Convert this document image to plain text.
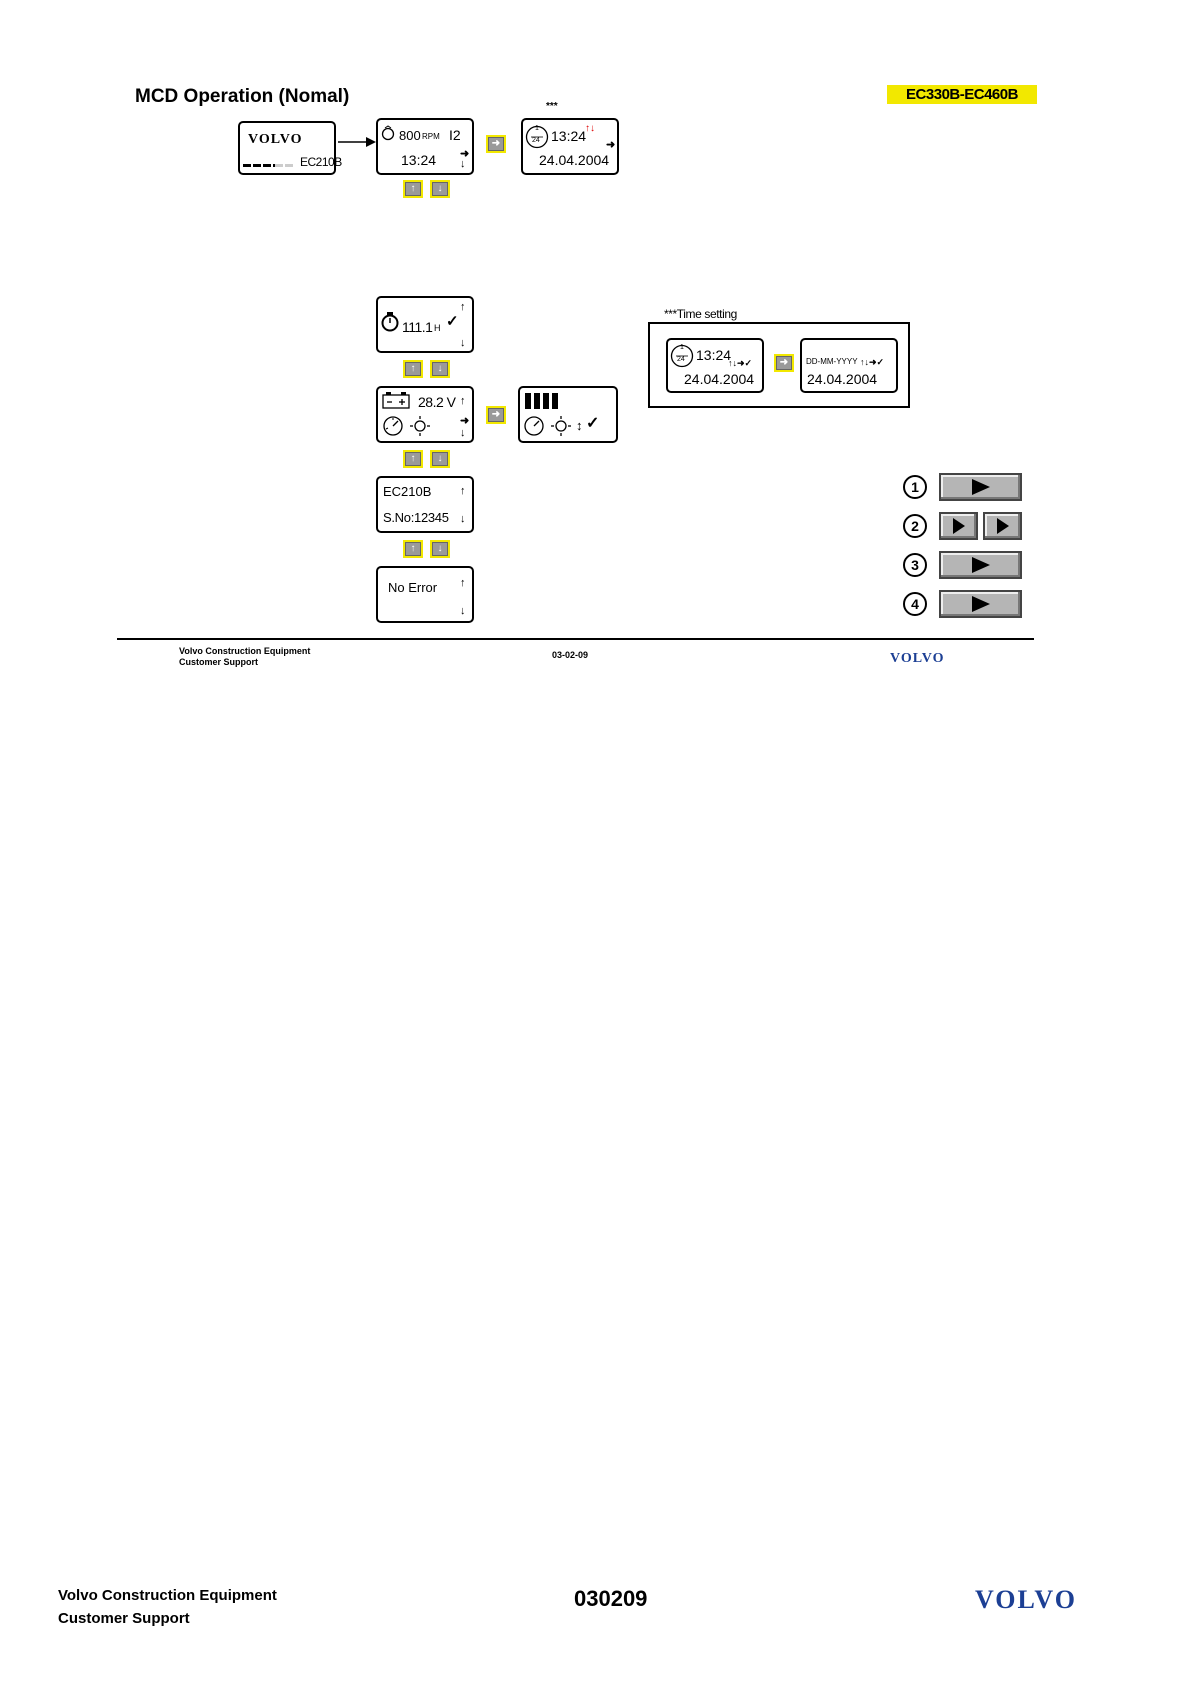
MCD Operation (Nomal)	EC330B-EC460B
VOLVO
EC210B
800 RPM I2
13:24 ➜
↓
➜
***
1
24 13:24
↑↓
➜
24.04.2004
↑	↓
111.1 H ✓
↑
↓
↑	↓
28.2 V ↑
➜
↓
➜
↕ ✓
↑	↓
EC210B	↑
S.No:12345 ↓
↑	↓
No Error ↑
↓
***Time setting
1
24 13:24
↑↓➜✓
24.04.2004
➜	DD-MM-YYYY ↑↓➜✓
24.04.2004
1
2
3
4
Volvo Construction Equipment
Customer Support
03-02-09	VOLVO
Volvo Construction Equipment
Customer Support
030209	VOLVO
